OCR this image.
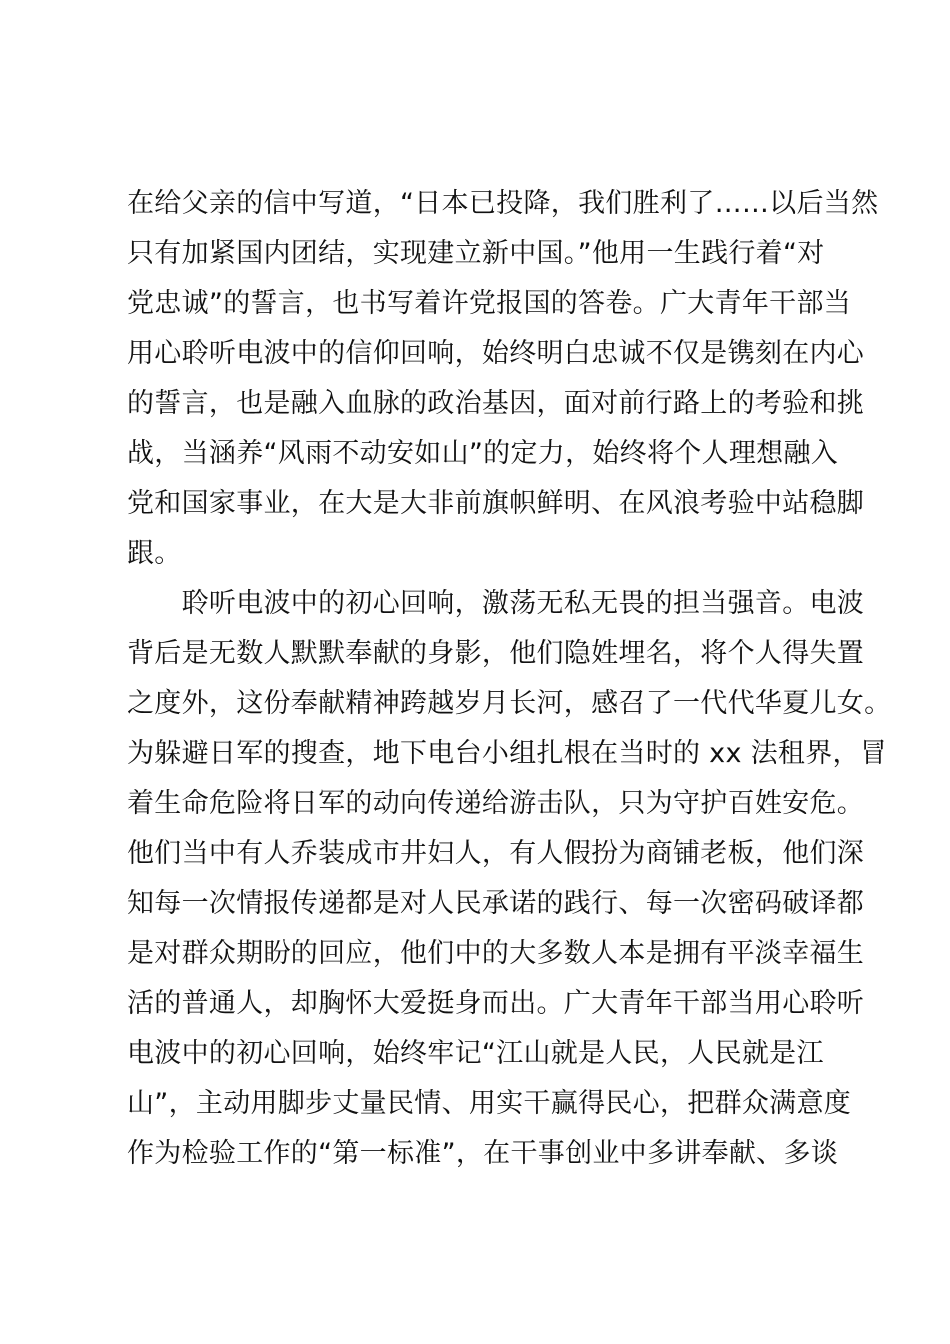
在给父亲的信中写道，“日本已投降，我们胜利了……以后当然
只有加紧国内团结，实现建立新中国。”他用一生践行着“对
党忠诚”的誓言，也书写着许党报国的答卷。广大青年干部当
用心聆听电波中的信仰回响，始终明白忠诚不仅是镌刻在内心
的誓言，也是融入血脉的政治基因，面对前行路上的考验和挑
战，当涵养“风雨不动安如山”的定力，始终将个人理想融入
党和国家事业，在大是大非前旗帜鲜明、在风浪考验中站稳脚
跟。
　　聆听电波中的初心回响，激荡无私无畏的担当强音。电波
背后是无数人默默奉献的身影，他们隐姓埋名，将个人得失置
之度外，这份奉献精神跨越岁月长河，感召了一代代华夏儿女。
为躲避日军的搜查，地下电台小组扎根在当时的 xx 法租界，冒
着生命危险将日军的动向传递给游击队，只为守护百姓安危。
他们当中有人乔装成市井妇人，有人假扮为商铺老板，他们深
知每一次情报传递都是对人民承诺的践行、每一次密码破译都
是对群众期盼的回应，他们中的大多数人本是拥有平淡幸福生
活的普通人，却胸怀大爱挺身而出。广大青年干部当用心聆听
电波中的初心回响，始终牢记“江山就是人民，人民就是江
山”，主动用脚步丈量民情、用实干赢得民心，把群众满意度
作为检验工作的“第一标准”，在干事创业中多讲奉献、多谈
